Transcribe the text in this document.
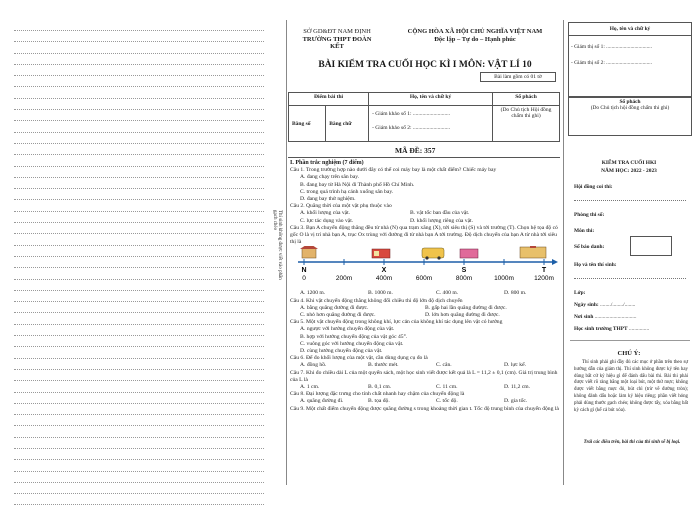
Thí sinh không được viết vào phần gạch chéo
SỞ GD&ĐT NAM ĐỊNH
TRƯỜNG THPT ĐOÀN KẾT
CỘNG HÒA XÃ HỘI CHỦ NGHĨA VIỆT NAM
Độc lập – Tự do – Hạnh phúc
BÀI KIỂM TRA CUỐI HỌC KÌ I MÔN: VẬT LÍ 10
Bài làm gồm có 01 tờ
Điểm bài thi		Họ, tên và chữ ký	Số phách
Bằng số	Bằng chữ	- Giám khảo số 1: ...........................
- Giám khảo số 2: ...........................	(Do Chủ tịch Hội đồng chấm thi ghi)
MÃ ĐỀ: 357
I. Phần trắc nghiệm (7 điểm)
Câu 1. Trong trường hợp nào dưới đây có thể coi máy bay là một chất điểm? Chiếc máy bay
A. đang chạy trên sân bay.
B. đang bay từ Hà Nội đi Thành phố Hồ Chí Minh.
C. trong quá trình hạ cánh xuống sân bay.
D. đang bay thử nghiệm.
Câu 2. Quãng thời của một vật phụ thuộc vào
A. khối lượng của vật.	B. vật tốc ban đầu của vật.
C. lực tác dụng vào vật.	D. khối lượng riêng của vật.
Câu 3. Bạn A chuyển động thẳng đều từ nhà (N) qua trạm xăng (X), tới siêu thị (S) và tới trường (T). Chọn hệ tọa độ có gốc O là vị trí nhà bạn A, trục Ox trùng với đường đi từ nhà bạn A tới trường. Độ dịch chuyển của bạn A từ nhà tới siêu thị là
0	200m	400m	600m	800m	1000m	1200m
N	X	S	T
A. 1200 m.	B. 1000 m.	C. 400 m.	D. 800 m.
Câu 4. Khi vật chuyển động thẳng không đổi chiều thì độ lớn độ dịch chuyển
A. bằng quãng đường đi được.	B. gấp hai lần quãng đường đi được.
C. nhỏ hơn quãng đường đi được.	D. lớn hơn quãng đường đi được.
Câu 5. Một vật chuyển động trong không khí, lực cản của không khí tác dụng lên vật có hướng
A. ngược với hướng chuyển động của vật.
B. hợp với hướng chuyển động của vật góc 45°.
C. vuông góc với hướng chuyển động của vật.
D. cùng hướng chuyển động của vật.
Câu 6. Để đo khối lượng của một vật, cần dùng dụng cụ đo là
A. đồng hồ.	B. thước mét.	C. cân.	D. lực kế.
Câu 7. Khi đo chiều dài L của một quyển sách, một học sinh viết được kết quả là L = 11,2 ± 0,1 (cm). Giá trị trung bình của L là
A. 1 cm.	B. 0,1 cm.	C. 11 cm.	D. 11,2 cm.
Câu 8. Đại lượng đặc trưng cho tính chất nhanh hay chậm của chuyển động là
A. quãng đường đi.	B. tọa độ.	C. tốc độ.	D. gia tốc.
Câu 9. Một chất điểm chuyển động được quãng đường s trong khoảng thời gian t. Tốc độ trung bình của chuyển động là
Họ, tên và chữ ký
- Giám thị số 1: ..................................
- Giám thị số 2: ..................................
Số phách
(Do Chủ tịch hội đồng chấm thi ghi)
KIỂM TRA CUỐI HKI
NĂM HỌC: 2022 - 2023
Hội đồng coi thi:
Phòng thi số:
Môn thi:
Số báo danh:
Họ và tên thí sinh:
Lớp:
Ngày sinh: ......../......../........
Nơi sinh ...............................
Học sinh trường THPT ...............
CHÚ Ý:
Thí sinh phải ghi đầy đủ các mục ở phần trên theo sự hướng dẫn của giám thị. Thí sinh không được ký tên hay dùng bất cứ ký hiệu gì để đánh dấu bài thi. Bài thi phải được viết rõ ràng bằng một loại bút, một thứ mực; không được viết bằng mực đỏ, bút chì (trừ vẽ đường tròn); không đánh dấu hoặc làm ký hiệu riêng; phần viết hỏng phải dùng thước gạch chéo; không được tẩy, xóa bằng bất kỳ cách gì (kể cả bút xóa).
Trái các điều trên, bài thi của thí sinh sẽ bị loại.
